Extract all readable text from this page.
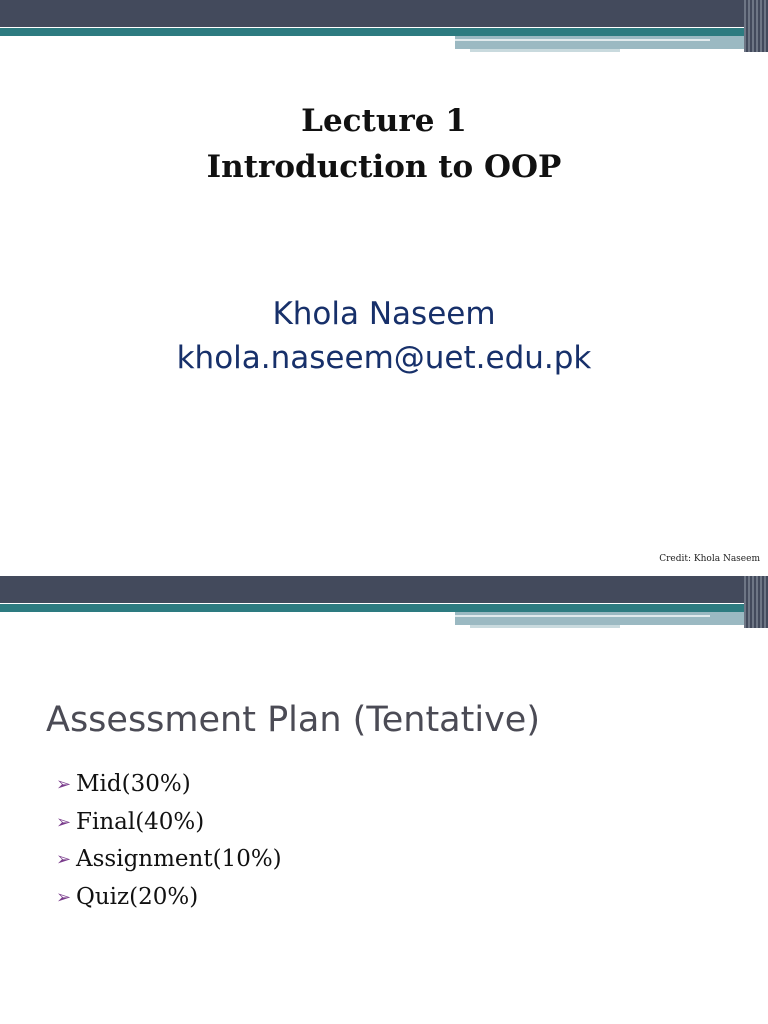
Lecture 1
Introduction to OOP
Khola Naseem
khola.naseem@uet.edu.pk
Credit: Khola Naseem
Assessment Plan (Tentative)
➢ Mid(30%)
➢ Final(40%)
➢ Assignment(10%)
➢ Quiz(20%)
